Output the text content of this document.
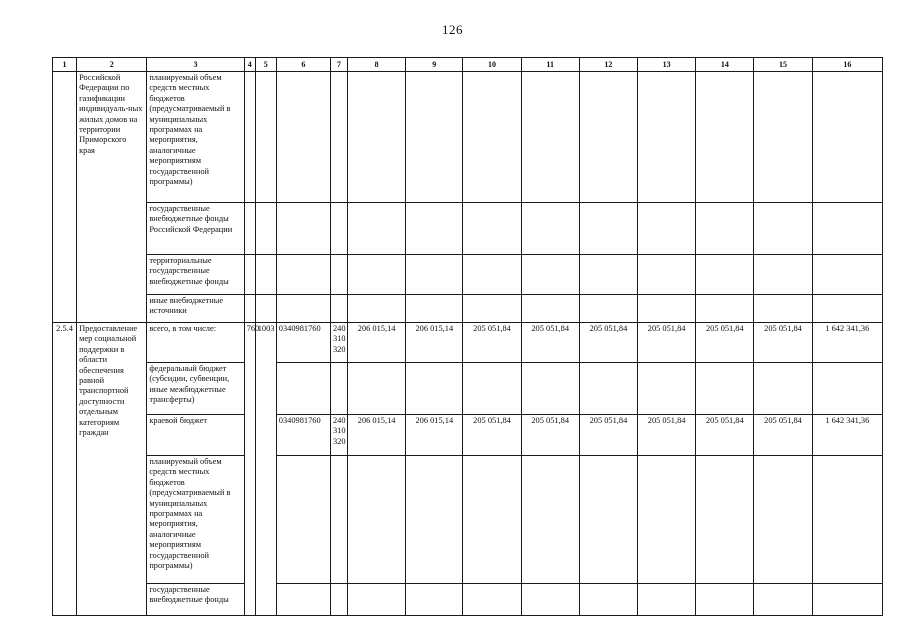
126
1	2	3	4	5	6	7	8	9	10	11	12	13	14	15	16
	Российской Федерации по газификации индивидуаль-ных жилых домов на территории Приморского края	планируемый объем средств местных бюджетов (предусматриваемый в муниципальных программах на мероприятия, аналогичные мероприятиям государственной программы)													
		государственные внебюджетные фонды Российской Федерации													
		территориальные государственные внебюджетные фонды													
		иные внебюджетные источники													
2.5.4	Предоставление мер социальной поддержки в области обеспечения равной транспортной доступности отдельным категориям граждан	всего, в том числе:	760	1003	0340981760	240
310
320	206 015,14	206 015,14	205 051,84	205 051,84	205 051,84	205 051,84	205 051,84	205 051,84	1 642 341,36
		федеральный бюджет (субсидии, субвенции, иные межбюджетные трансферты)													
		краевой бюджет			0340981760	240
310
320	206 015,14	206 015,14	205 051,84	205 051,84	205 051,84	205 051,84	205 051,84	205 051,84	1 642 341,36
		планируемый объем средств местных бюджетов (предусматриваемый в муниципальных программах на мероприятия, аналогичные мероприятиям государственной программы)													
		государственные внебюджетные фонды													
